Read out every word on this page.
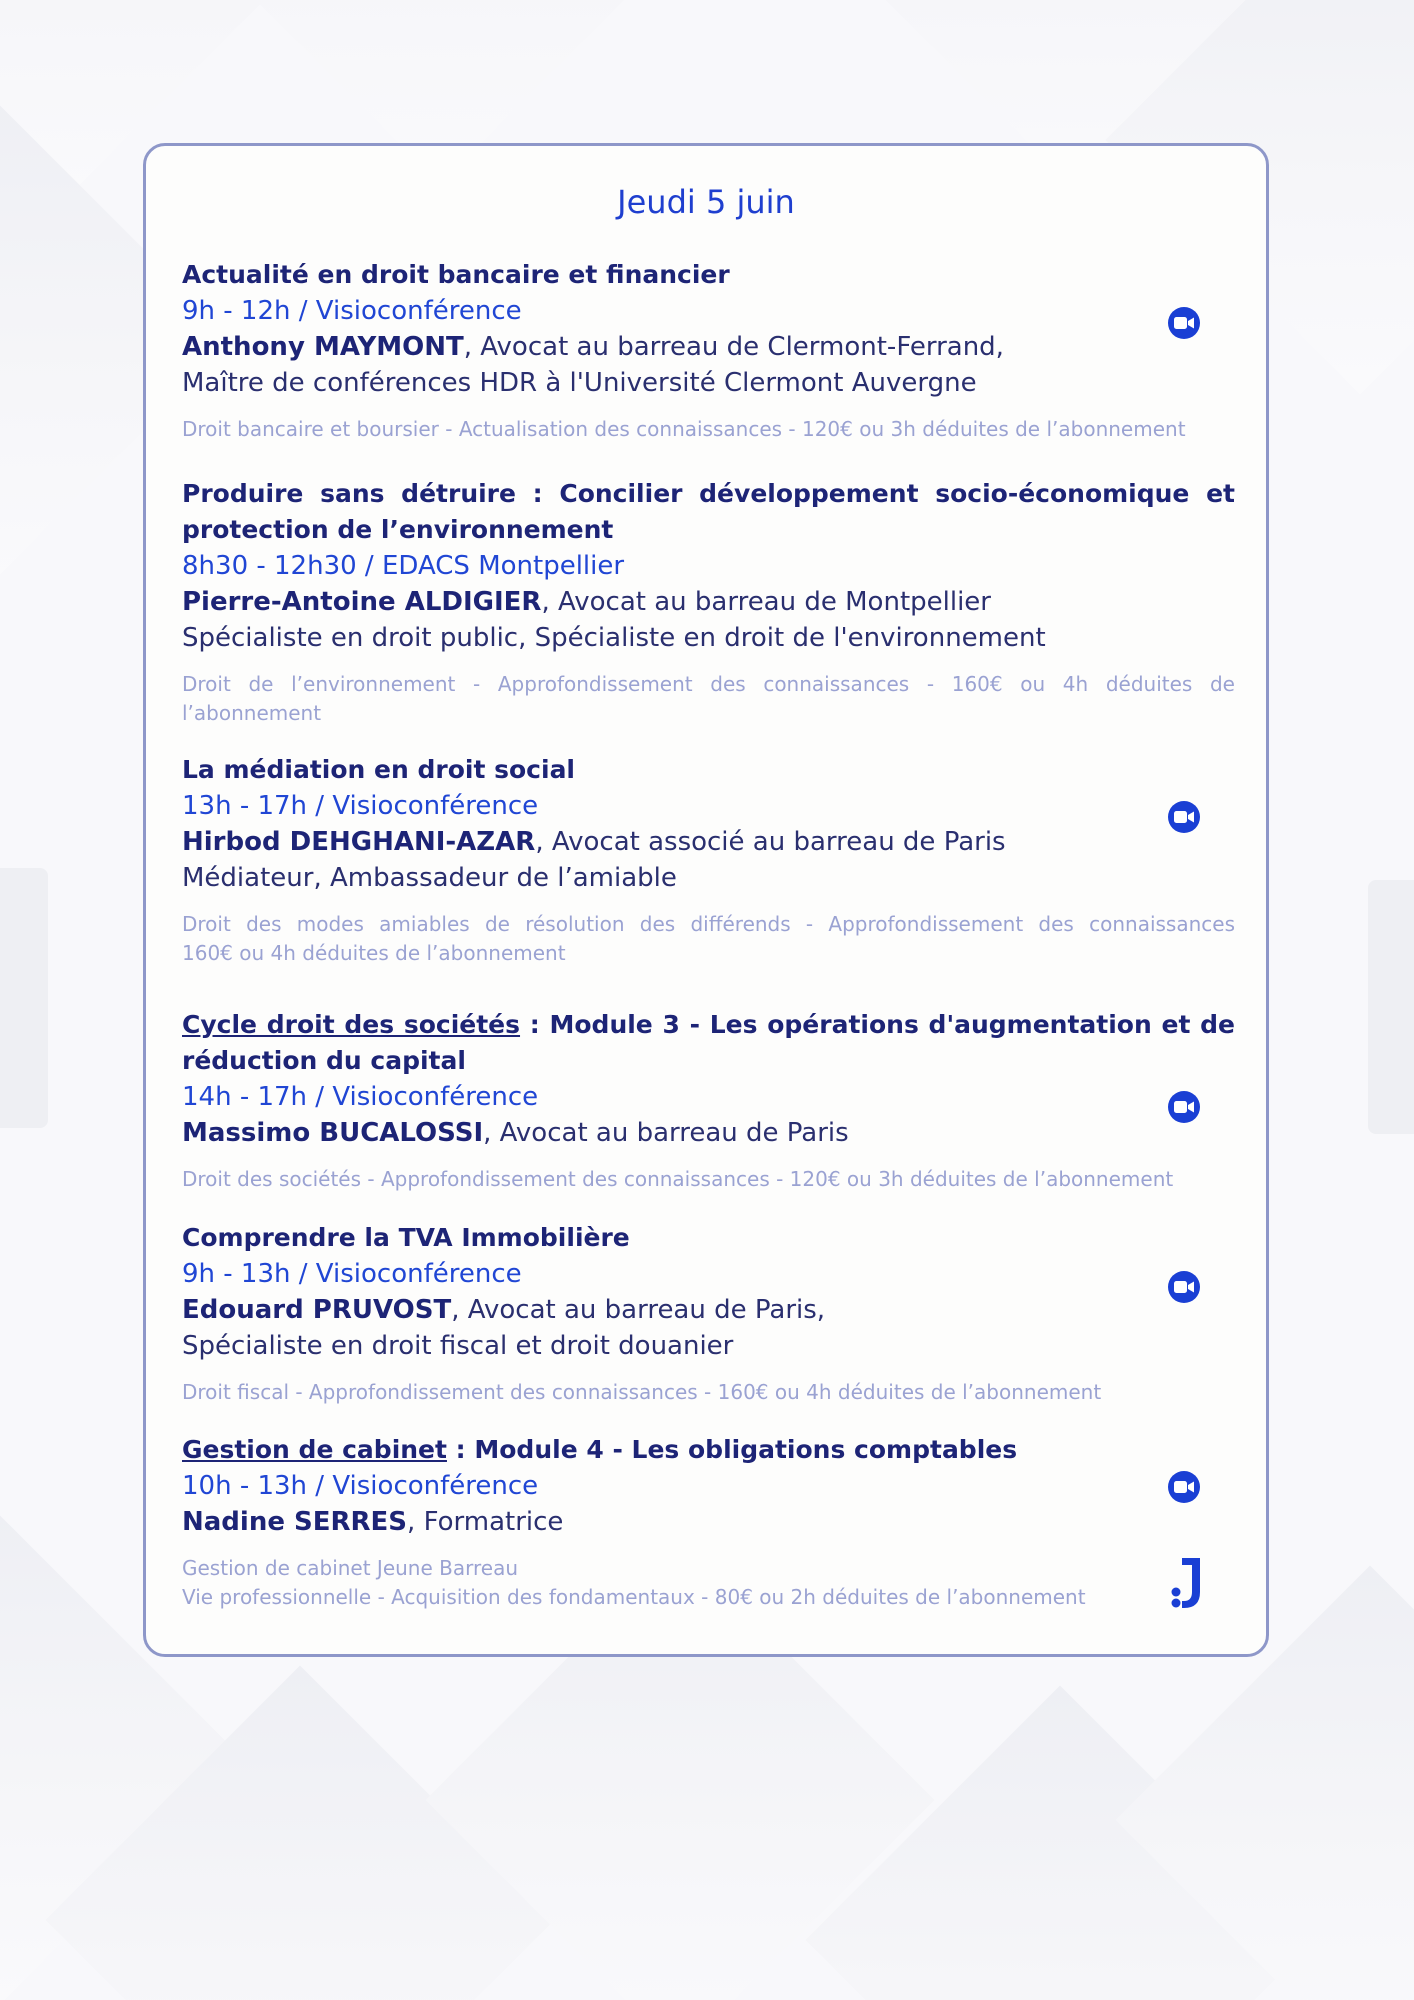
Jeudi 5 juin
Actualité en droit bancaire et financier
9h - 12h / Visioconférence
Anthony MAYMONT, Avocat au barreau de Clermont-Ferrand,
Maître de conférences HDR à l'Université Clermont Auvergne
Droit bancaire et boursier - Actualisation des connaissances - 120€ ou 3h déduites de l’abonnement
Produire sans détruire : Concilier développement socio-économique et protection de l’environnement
8h30 - 12h30 / EDACS Montpellier
Pierre-Antoine ALDIGIER, Avocat au barreau de Montpellier
Spécialiste en droit public, Spécialiste en droit de l'environnement
Droit de l’environnement - Approfondissement des connaissances - 160€ ou 4h déduites de l’abonnement
La médiation en droit social
13h - 17h / Visioconférence
Hirbod DEHGHANI-AZAR, Avocat associé au barreau de Paris
Médiateur, Ambassadeur de l’amiable
Droit des modes amiables de résolution des différends - Approfondissement des connaissances
160€ ou 4h déduites de l’abonnement
Cycle droit des sociétés : Module 3 - Les opérations d'augmentation et de réduction du capital
14h - 17h / Visioconférence
Massimo BUCALOSSI, Avocat au barreau de Paris
Droit des sociétés - Approfondissement des connaissances - 120€ ou 3h déduites de l’abonnement
Comprendre la TVA Immobilière
9h - 13h / Visioconférence
Edouard PRUVOST, Avocat au barreau de Paris,
Spécialiste en droit fiscal et droit douanier
Droit fiscal - Approfondissement des connaissances - 160€ ou 4h déduites de l’abonnement
Gestion de cabinet : Module 4 - Les obligations comptables
10h - 13h / Visioconférence
Nadine SERRES, Formatrice
Gestion de cabinet Jeune Barreau
Vie professionnelle - Acquisition des fondamentaux - 80€ ou 2h déduites de l’abonnement
